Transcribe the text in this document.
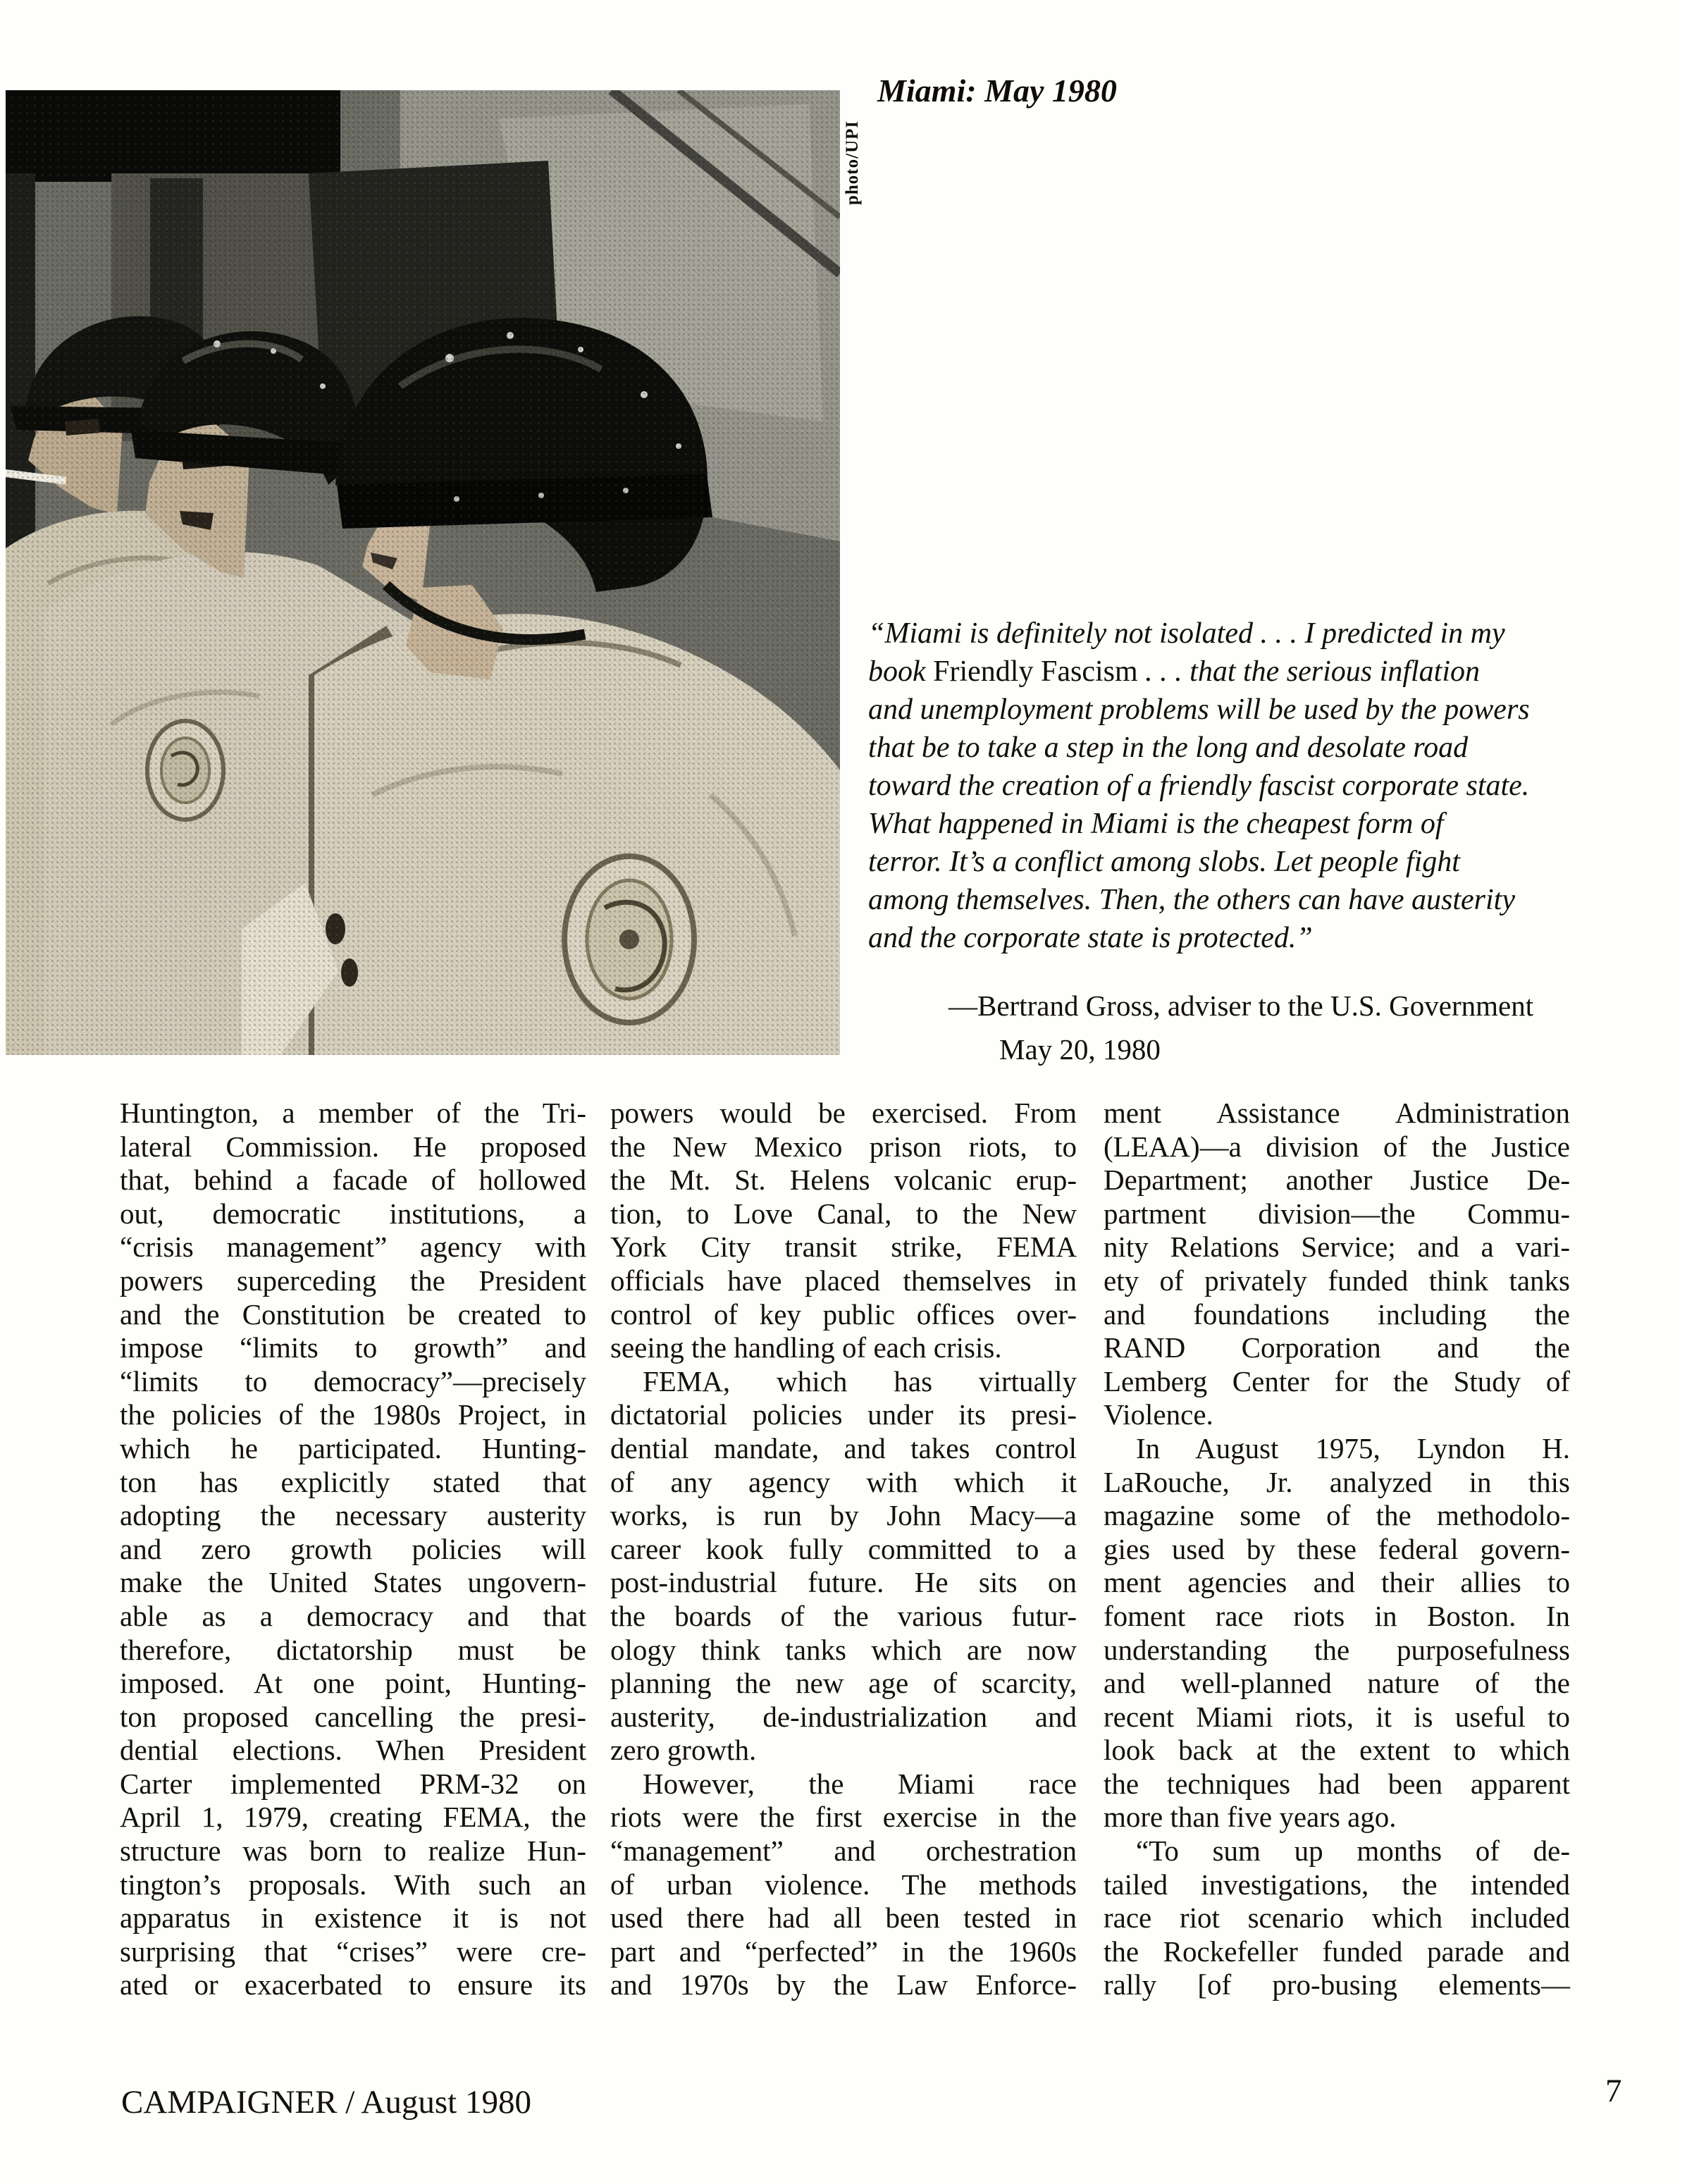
photo/UPI
Miami: May 1980
“Miami is definitely not isolated . . . I predicted in my
book Friendly Fascism . . . that the serious inflation
and unemployment problems will be used by the powers
that be to take a step in the long and desolate road
toward the creation of a friendly fascist corporate state.
What happened in Miami is the cheapest form of
terror. It’s a conflict among slobs. Let people fight
among themselves. Then, the others can have austerity
and the corporate state is protected.”
—Bertrand Gross, adviser to the U.S. Government
May 20, 1980
Huntington, a member of the Tri-
lateral Commission. He proposed
that, behind a facade of hollowed
out, democratic institutions, a
“crisis management” agency with
powers superceding the President
and the Constitution be created to
impose “limits to growth” and
“limits to democracy”—precisely
the policies of the 1980s Project, in
which he participated. Hunting-
ton has explicitly stated that
adopting the necessary austerity
and zero growth policies will
make the United States ungovern-
able as a democracy and that
therefore, dictatorship must be
imposed. At one point, Hunting-
ton proposed cancelling the presi-
dential elections. When President
Carter implemented PRM-32 on
April 1, 1979, creating FEMA, the
structure was born to realize Hun-
tington’s proposals. With such an
apparatus in existence it is not
surprising that “crises” were cre-
ated or exacerbated to ensure its
powers would be exercised. From
the New Mexico prison riots, to
the Mt. St. Helens volcanic erup-
tion, to Love Canal, to the New
York City transit strike, FEMA
officials have placed themselves in
control of key public offices over-
seeing the handling of each crisis.
FEMA, which has virtually
dictatorial policies under its presi-
dential mandate, and takes control
of any agency with which it
works, is run by John Macy—a
career kook fully committed to a
post-industrial future. He sits on
the boards of the various futur-
ology think tanks which are now
planning the new age of scarcity,
austerity, de-industrialization and
zero growth.
However, the Miami race
riots were the first exercise in the
“management” and orchestration
of urban violence. The methods
used there had all been tested in
part and “perfected” in the 1960s
and 1970s by the Law Enforce-
ment Assistance Administration
(LEAA)—a division of the Justice
Department; another Justice De-
partment division—the Commu-
nity Relations Service; and a vari-
ety of privately funded think tanks
and foundations including the
RAND Corporation and the
Lemberg Center for the Study of
Violence.
In August 1975, Lyndon H.
LaRouche, Jr. analyzed in this
magazine some of the methodolo-
gies used by these federal govern-
ment agencies and their allies to
foment race riots in Boston. In
understanding the purposefulness
and well-planned nature of the
recent Miami riots, it is useful to
look back at the extent to which
the techniques had been apparent
more than five years ago.
“To sum up months of de-
tailed investigations, the intended
race riot scenario which included
the Rockefeller funded parade and
rally [of pro-busing elements—
CAMPAIGNER / August 1980	7
